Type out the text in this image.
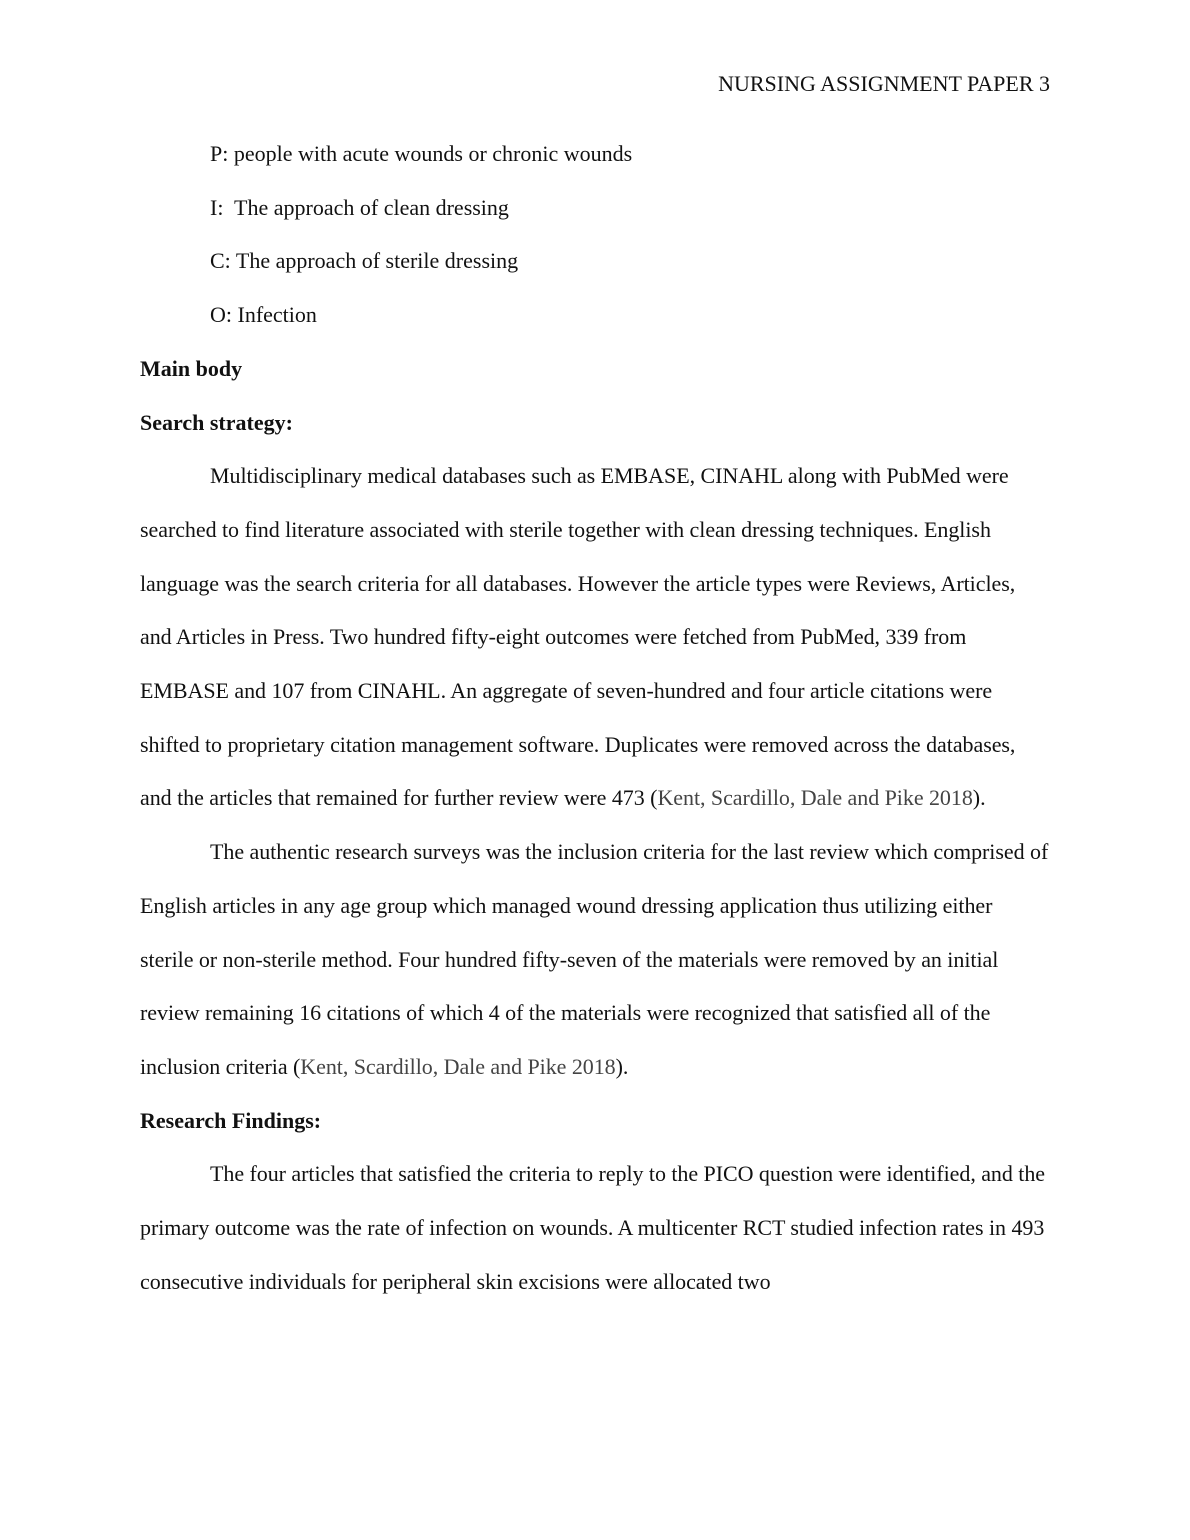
NURSING ASSIGNMENT PAPER 3

P: people with acute wounds or chronic wounds

I:  The approach of clean dressing

C: The approach of sterile dressing

O: Infection

Main body

Search strategy:

Multidisciplinary medical databases such as EMBASE, CINAHL along with PubMed were searched to find literature associated with sterile together with clean dressing techniques. English language was the search criteria for all databases. However the article types were Reviews, Articles, and Articles in Press. Two hundred fifty-eight outcomes were fetched from PubMed, 339 from EMBASE and 107 from CINAHL. An aggregate of seven-hundred and four article citations were shifted to proprietary citation management software. Duplicates were removed across the databases, and the articles that remained for further review were 473 (Kent, Scardillo, Dale and Pike 2018).

The authentic research surveys was the inclusion criteria for the last review which comprised of English articles in any age group which managed wound dressing application thus utilizing either sterile or non-sterile method. Four hundred fifty-seven of the materials were removed by an initial review remaining 16 citations of which 4 of the materials were recognized that satisfied all of the inclusion criteria (Kent, Scardillo, Dale and Pike 2018).

Research Findings:

The four articles that satisfied the criteria to reply to the PICO question were identified, and the primary outcome was the rate of infection on wounds. A multicenter RCT studied infection rates in 493 consecutive individuals for peripheral skin excisions were allocated two
